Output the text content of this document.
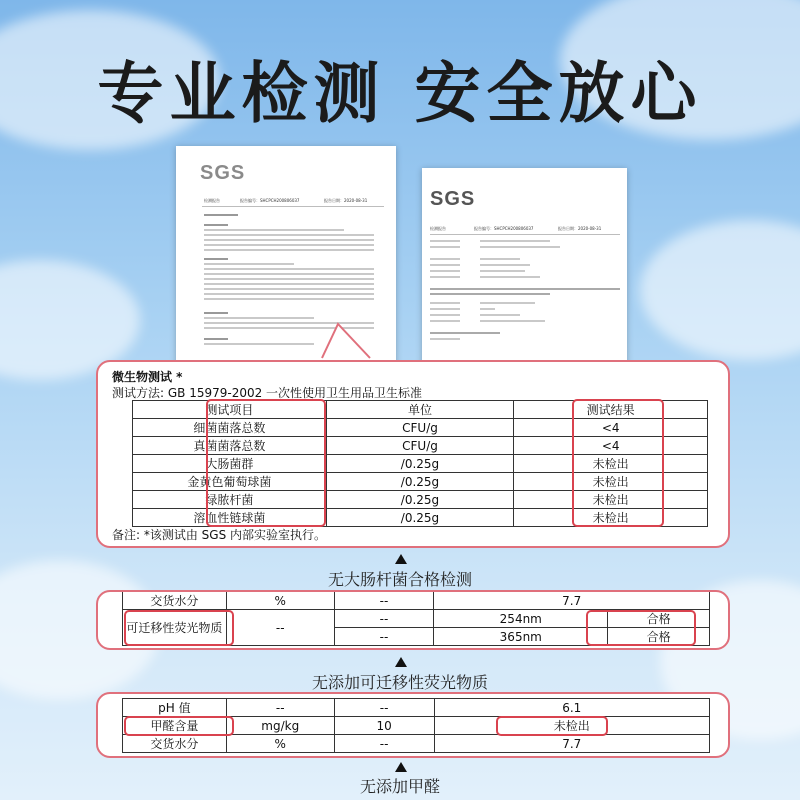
专业检测 安全放心
SGS
检测报告	报告编号：SHCPCH200806037	报告日期：2020-08-31
SGS
检测报告	报告编号：SHCPCH200806037	报告日期：2020-08-31
微生物测试 *
测试方法: GB 15979-2002 一次性使用卫生用品卫生标准
测试项目	单位	测试结果
细菌菌落总数	CFU/g	<4
真菌菌落总数	CFU/g	<4
大肠菌群	/0.25g	未检出
金黄色葡萄球菌	/0.25g	未检出
绿脓杆菌	/0.25g	未检出
溶血性链球菌	/0.25g	未检出
备注: *该测试由 SGS 内部实验室执行。
无大肠杆菌合格检测
交货水分	%	--	7.7	
可迁移性荧光物质	--	--	254nm	合格
		--	365nm	合格
无添加可迁移性荧光物质
pH 值	--	--	6.1
甲醛含量	mg/kg	10	未检出
交货水分	%	--	7.7
无添加甲醛
